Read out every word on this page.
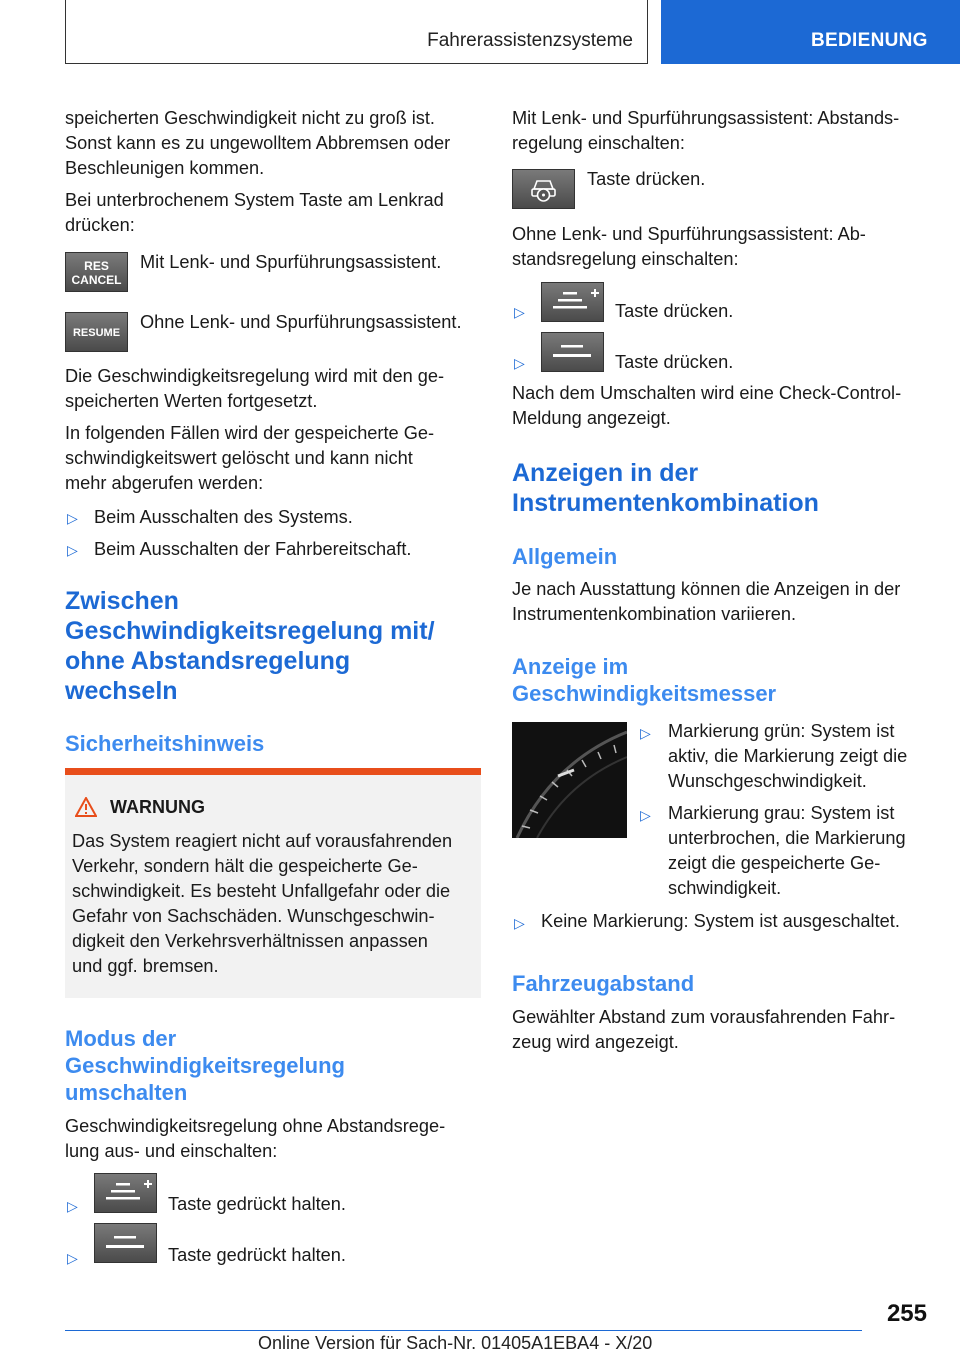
Fahrerassistenzsysteme	BEDIENUNG

speicherten Geschwindigkeit nicht zu groß ist.

Sonst kann es zu ungewolltem Abbremsen oder

Beschleunigen kommen.

Bei unterbrochenem System Taste am Lenkrad

drücken:

RES
CANCEL

Mit Lenk- und Spurführungsassistent.

RESUME

Ohne Lenk- und Spurführungsassistent.

Die Geschwindigkeitsregelung wird mit den ge-

speicherten Werten fortgesetzt.

In folgenden Fällen wird der gespeicherte Ge-

schwindigkeitswert gelöscht und kann nicht

mehr abgerufen werden:

▷ Beim Ausschalten des Systems.

▷ Beim Ausschalten der Fahrbereitschaft.

Zwischen

Geschwindigkeitsregelung mit/

ohne Abstandsregelung

wechseln

Sicherheitshinweis

WARNUNG

Das System reagiert nicht auf vorausfahrenden

Verkehr, sondern hält die gespeicherte Ge-

schwindigkeit. Es besteht Unfallgefahr oder die

Gefahr von Sachschäden. Wunschgeschwin-

digkeit den Verkehrsverhältnissen anpassen

und ggf. bremsen.

Modus der

Geschwindigkeitsregelung

umschalten

Geschwindigkeitsregelung ohne Abstandsrege-

lung aus- und einschalten:

▷	Taste gedrückt halten.

▷	Taste gedrückt halten.

Mit Lenk- und Spurführungsassistent: Abstands-

regelung einschalten:

Taste drücken.

Ohne Lenk- und Spurführungsassistent: Ab-

standsregelung einschalten:

▷	Taste drücken.

▷	Taste drücken.

Nach dem Umschalten wird eine Check-Control-

Meldung angezeigt.

Anzeigen in der

Instrumentenkombination

Allgemein

Je nach Ausstattung können die Anzeigen in der

Instrumentenkombination variieren.

Anzeige im

Geschwindigkeitsmesser

▷ Markierung grün: System ist

aktiv, die Markierung zeigt die

Wunschgeschwindigkeit.

▷ Markierung grau: System ist

unterbrochen, die Markierung

zeigt die gespeicherte Ge-

schwindigkeit.

▷ Keine Markierung: System ist ausgeschaltet.

Fahrzeugabstand

Gewählter Abstand zum vorausfahrenden Fahr-

zeug wird angezeigt.

255
Online Version für Sach-Nr. 01405A1EBA4 - X/20
